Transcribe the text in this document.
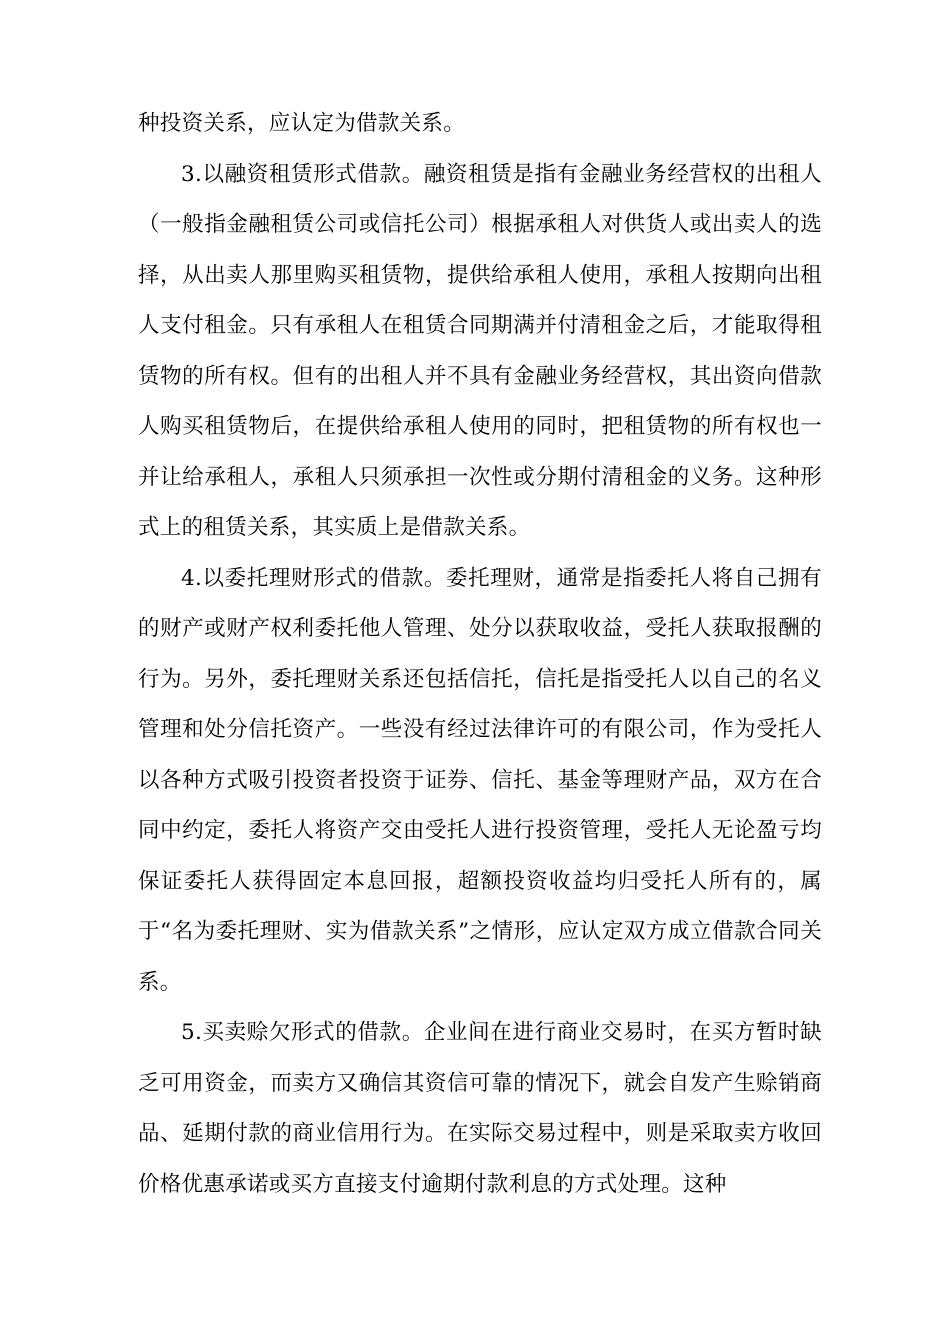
种投资关系，应认定为借款关系。

3.以融资租赁形式借款。融资租赁是指有金融业务经营权的出租人（一般指金融租赁公司或信托公司）根据承租人对供货人或出卖人的选择，从出卖人那里购买租赁物，提供给承租人使用，承租人按期向出租人支付租金。只有承租人在租赁合同期满并付清租金之后，才能取得租赁物的所有权。但有的出租人并不具有金融业务经营权，其出资向借款人购买租赁物后，在提供给承租人使用的同时，把租赁物的所有权也一并让给承租人，承租人只须承担一次性或分期付清租金的义务。这种形式上的租赁关系，其实质上是借款关系。

4.以委托理财形式的借款。委托理财，通常是指委托人将自己拥有的财产或财产权利委托他人管理、处分以获取收益，受托人获取报酬的行为。另外，委托理财关系还包括信托，信托是指受托人以自己的名义管理和处分信托资产。一些没有经过法律许可的有限公司，作为受托人以各种方式吸引投资者投资于证券、信托、基金等理财产品，双方在合同中约定，委托人将资产交由受托人进行投资管理，受托人无论盈亏均保证委托人获得固定本息回报，超额投资收益均归受托人所有的，属于“名为委托理财、实为借款关系”之情形，应认定双方成立借款合同关系。

5.买卖赊欠形式的借款。企业间在进行商业交易时，在买方暂时缺乏可用资金，而卖方又确信其资信可靠的情况下，就会自发产生赊销商品、延期付款的商业信用行为。在实际交易过程中，则是采取卖方收回价格优惠承诺或买方直接支付逾期付款利息的方式处理。这种
